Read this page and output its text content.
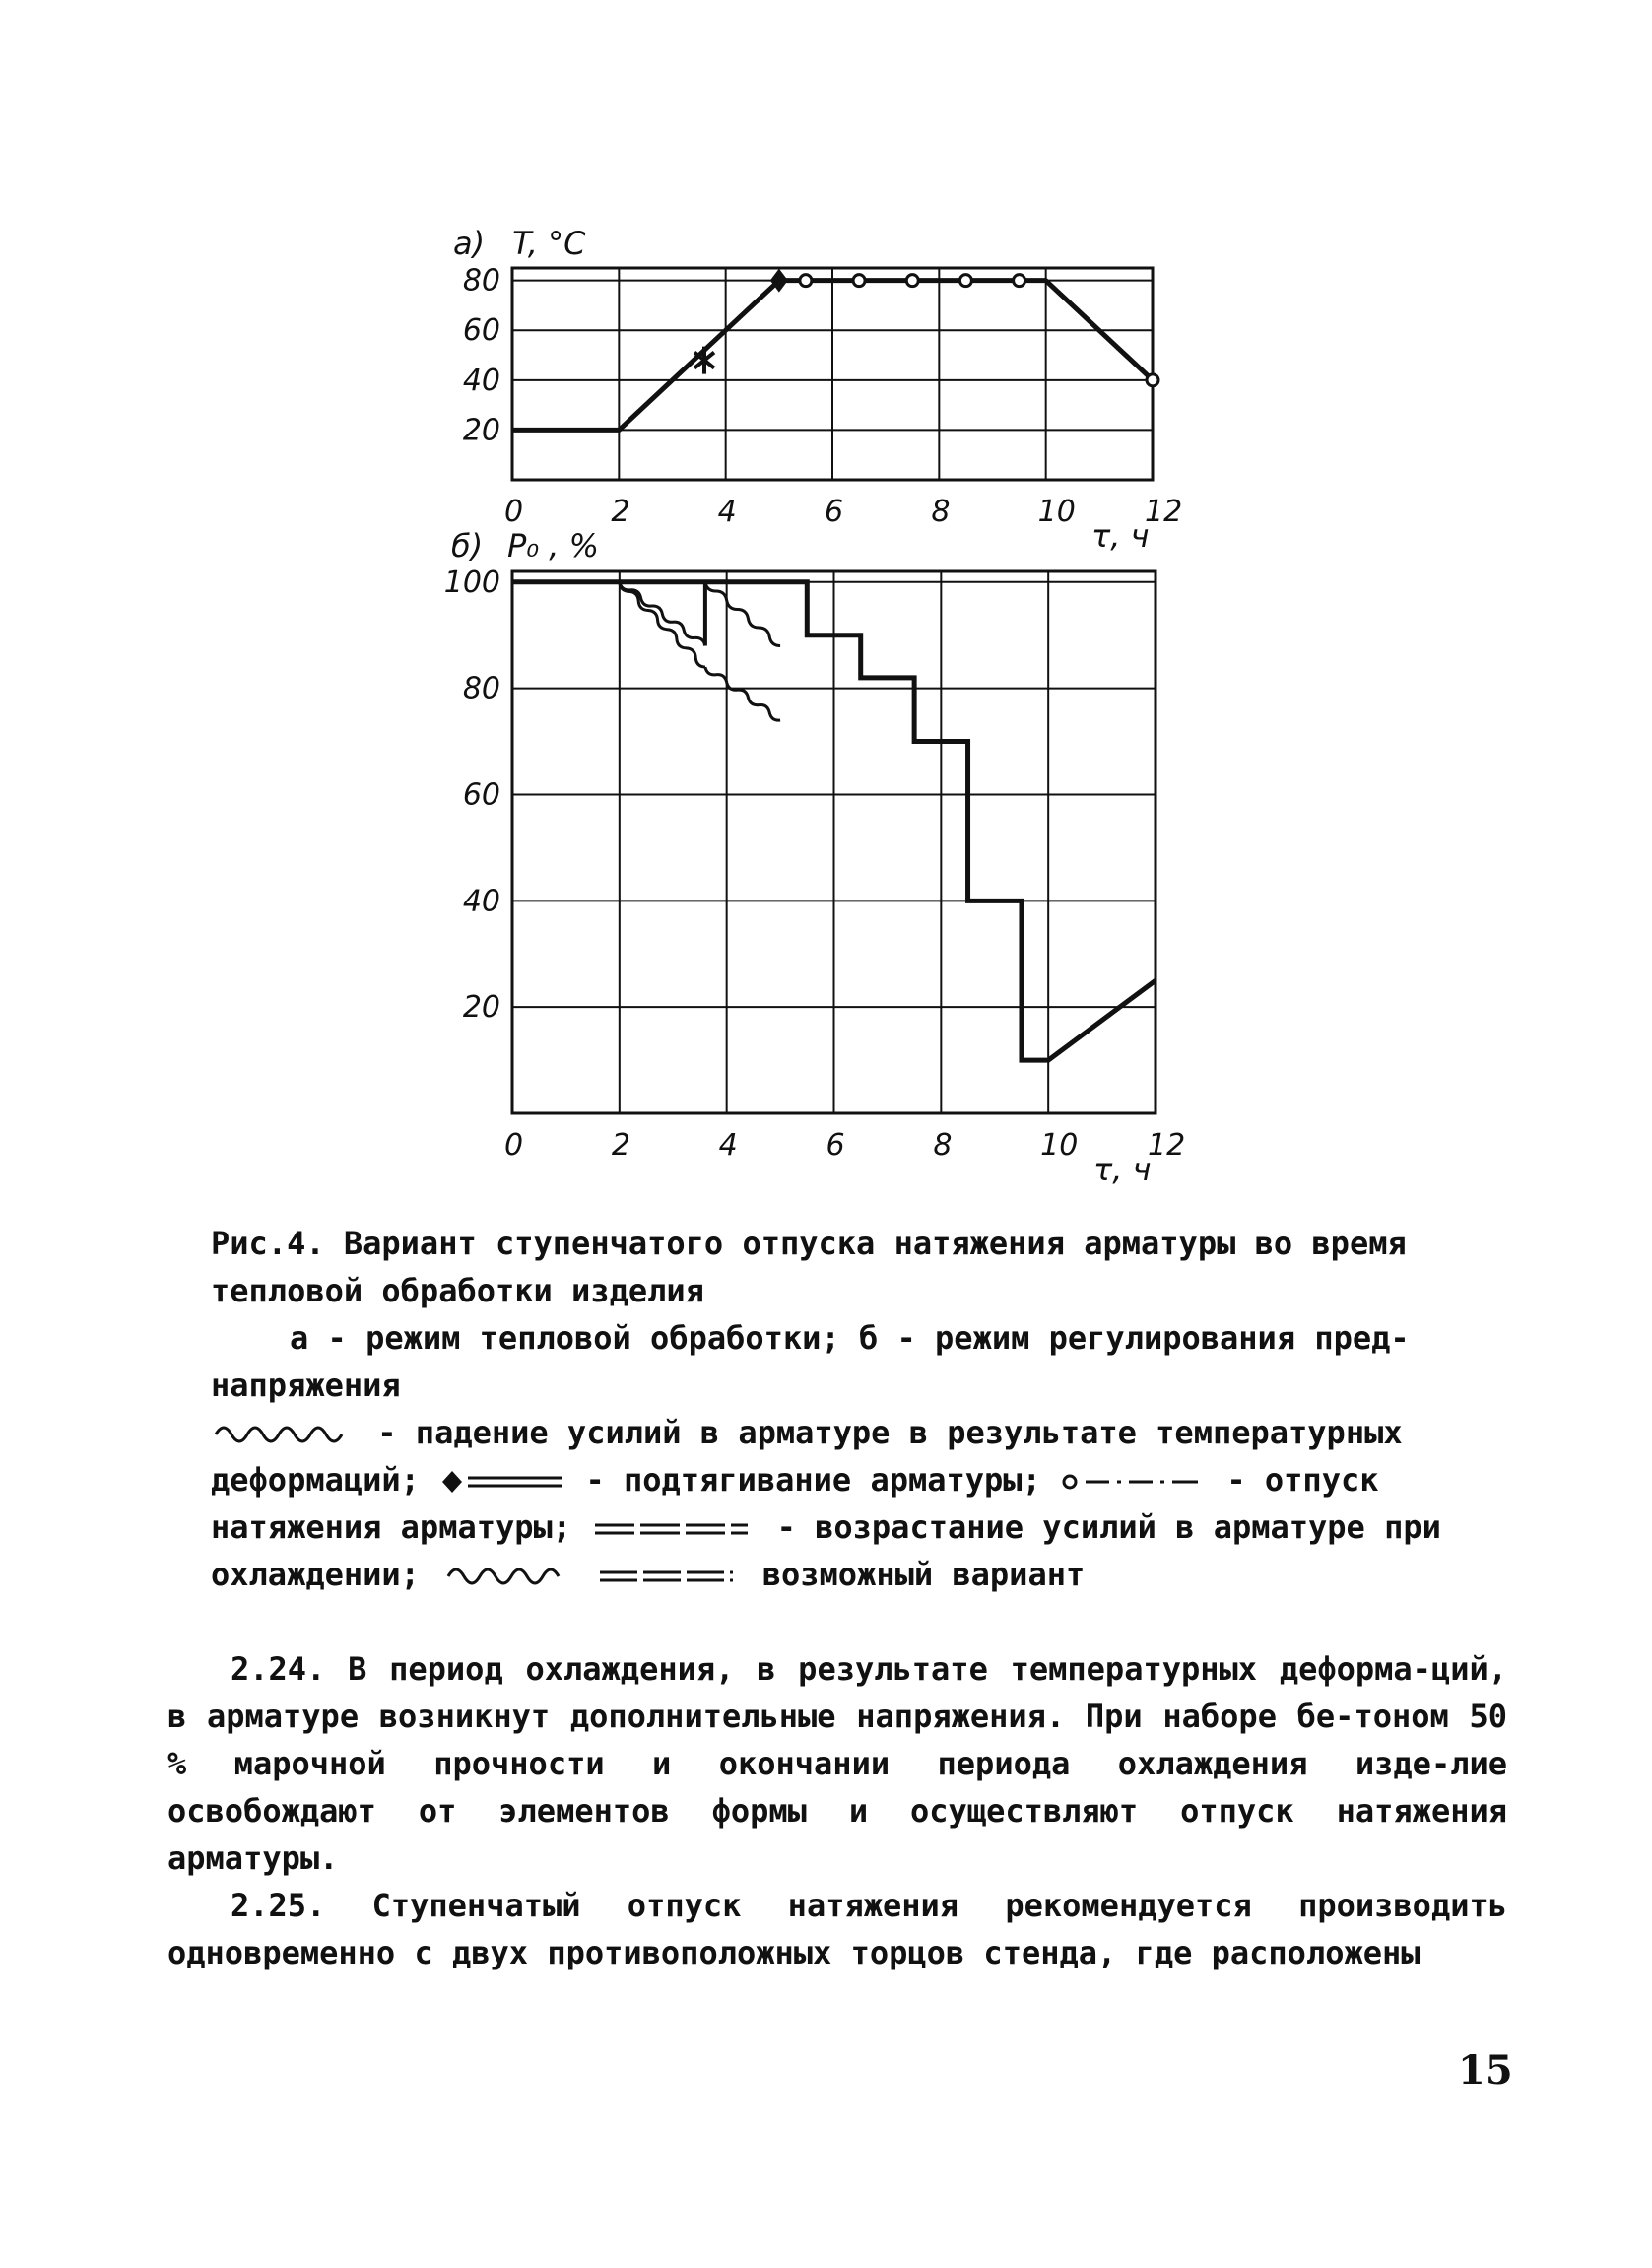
а) T, °C
0	2	4	6	8	10 12
20
40
60
80
τ, ч
б) P₀ , %
0	2	4	6	8	10 12
20
40
60
80
100
τ, ч
Рис.4. Вариант ступенчатого отпуска натяжения арматуры во время
тепловой обработки изделия
а - режим тепловой обработки; б - режим регулирования пред-
напряжения
- падение усилий в арматуре в результате температурных
деформаций;	- подтягивание арматуры;	- отпуск
натяжения арматуры;	- возрастание усилий в арматуре при
охлаждении;	возможный вариант

2.24. В период охлаждения, в результате температурных деформа-ций, в арматуре возникнут дополнительные напряжения. При наборе бе-тоном 50 % марочной прочности и окончании периода охлаждения изде-лие освобождают от элементов формы и осуществляют отпуск натяжения арматуры.

2.25. Ступенчатый отпуск натяжения рекомендуется производить одновременно с двух противоположных торцов стенда, где расположены

15
